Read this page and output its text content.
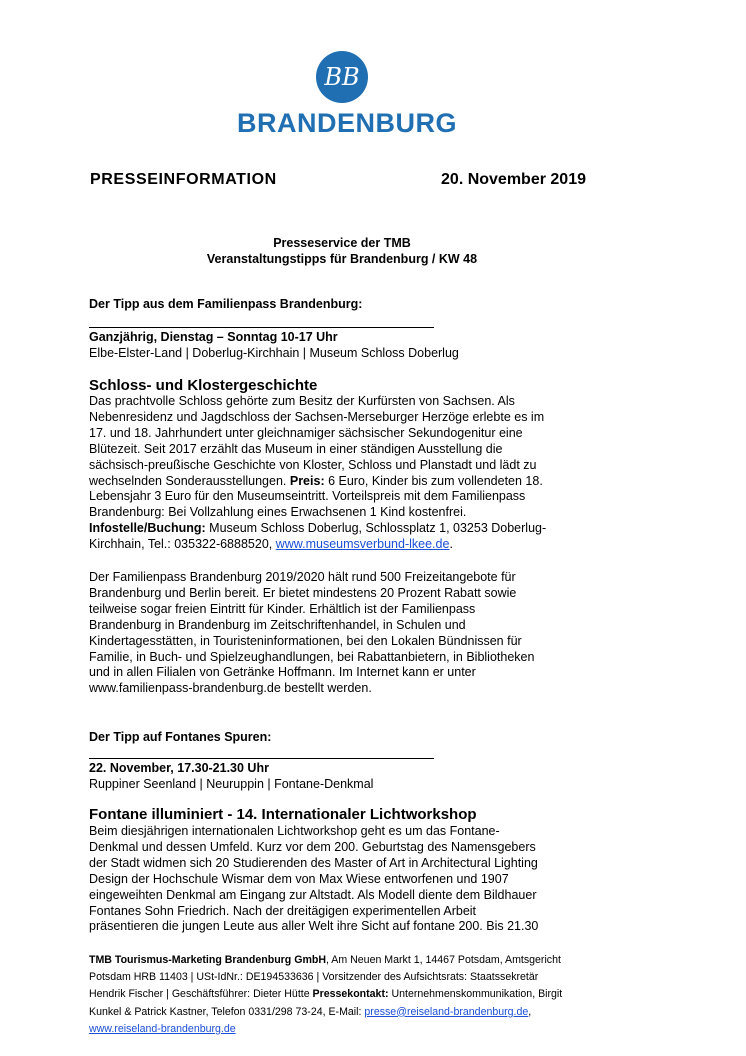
BB
BRANDENBURG
PRESSEINFORMATION	20. November 2019
Presseservice der TMB
Veranstaltungstipps für Brandenburg / KW 48
Der Tipp aus dem Familienpass Brandenburg:
Ganzjährig, Dienstag – Sonntag 10-17 Uhr
Elbe-Elster-Land | Doberlug-Kirchhain | Museum Schloss Doberlug
Schloss- und Klostergeschichte
Das prachtvolle Schloss gehörte zum Besitz der Kurfürsten von Sachsen. Als
Nebenresidenz und Jagdschloss der Sachsen-Merseburger Herzöge erlebte es im
17. und 18. Jahrhundert unter gleichnamiger sächsischer Sekundogenitur eine
Blütezeit. Seit 2017 erzählt das Museum in einer ständigen Ausstellung die
sächsisch-preußische Geschichte von Kloster, Schloss und Planstadt und lädt zu
wechselnden Sonderausstellungen. Preis: 6 Euro, Kinder bis zum vollendeten 18.
Lebensjahr 3 Euro für den Museumseintritt. Vorteilspreis mit dem Familienpass
Brandenburg: Bei Vollzahlung eines Erwachsenen 1 Kind kostenfrei.
Infostelle/Buchung: Museum Schloss Doberlug, Schlossplatz 1, 03253 Doberlug-
Kirchhain, Tel.: 035322-6888520, www.museumsverbund-lkee.de.
Der Familienpass Brandenburg 2019/2020 hält rund 500 Freizeitangebote für
Brandenburg und Berlin bereit. Er bietet mindestens 20 Prozent Rabatt sowie
teilweise sogar freien Eintritt für Kinder. Erhältlich ist der Familienpass
Brandenburg in Brandenburg im Zeitschriftenhandel, in Schulen und
Kindertagesstätten, in Touristeninformationen, bei den Lokalen Bündnissen für
Familie, in Buch- und Spielzeughandlungen, bei Rabattanbietern, in Bibliotheken
und in allen Filialen von Getränke Hoffmann. Im Internet kann er unter
www.familienpass-brandenburg.de bestellt werden.
Der Tipp auf Fontanes Spuren:
22. November, 17.30-21.30 Uhr
Ruppiner Seenland | Neuruppin | Fontane-Denkmal
Fontane illuminiert - 14. Internationaler Lichtworkshop
Beim diesjährigen internationalen Lichtworkshop geht es um das Fontane-
Denkmal und dessen Umfeld. Kurz vor dem 200. Geburtstag des Namensgebers
der Stadt widmen sich 20 Studierenden des Master of Art in Architectural Lighting
Design der Hochschule Wismar dem von Max Wiese entworfenen und 1907
eingeweihten Denkmal am Eingang zur Altstadt. Als Modell diente dem Bildhauer
Fontanes Sohn Friedrich. Nach der dreitägigen experimentellen Arbeit
präsentieren die jungen Leute aus aller Welt ihre Sicht auf fontane 200. Bis 21.30
TMB Tourismus-Marketing Brandenburg GmbH, Am Neuen Markt 1, 14467 Potsdam, Amtsgericht
Potsdam HRB 11403 | USt-IdNr.: DE194533636 | Vorsitzender des Aufsichtsrats: Staatssekretär
Hendrik Fischer | Geschäftsführer: Dieter Hütte Pressekontakt: Unternehmenskommunikation, Birgit
Kunkel & Patrick Kastner, Telefon 0331/298 73-24, E-Mail: presse@reiseland-brandenburg.de,
www.reiseland-brandenburg.de
